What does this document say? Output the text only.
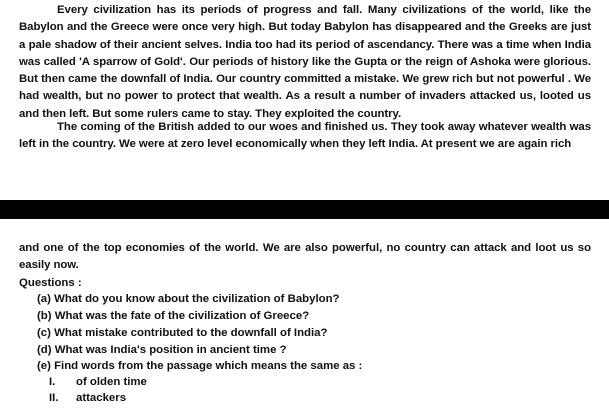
Every civilization has its periods of progress and fall. Many civilizations of the world, like the Babylon and the Greece were once very high. But today Babylon has disappeared and the Greeks are just a pale shadow of their ancient selves. India too had its period of ascendancy. There was a time when India was called 'A sparrow of Gold'. Our periods of history like the Gupta or the reign of Ashoka were glorious. But then came the downfall of India. Our country committed a mistake. We grew rich but not powerful . We had wealth, but no power to protect that wealth. As a result a number of invaders attacked us, looted us and then left. But some rulers came to stay. They exploited the country.
The coming of the British added to our woes and finished us. They took away whatever wealth was left in the country. We were at zero level economically when they left India. At present we are again rich
and one of the top economies of the world. We are also powerful, no country can attack and loot us so easily now.
Questions :
(a) What do you know about the civilization of Babylon?
(b) What was the fate of the civilization of Greece?
(c) What mistake contributed to the downfall of India?
(d) What was India's position in ancient time ?
(e) Find words from the passage which means the same as :
I. of olden time
II. attackers
